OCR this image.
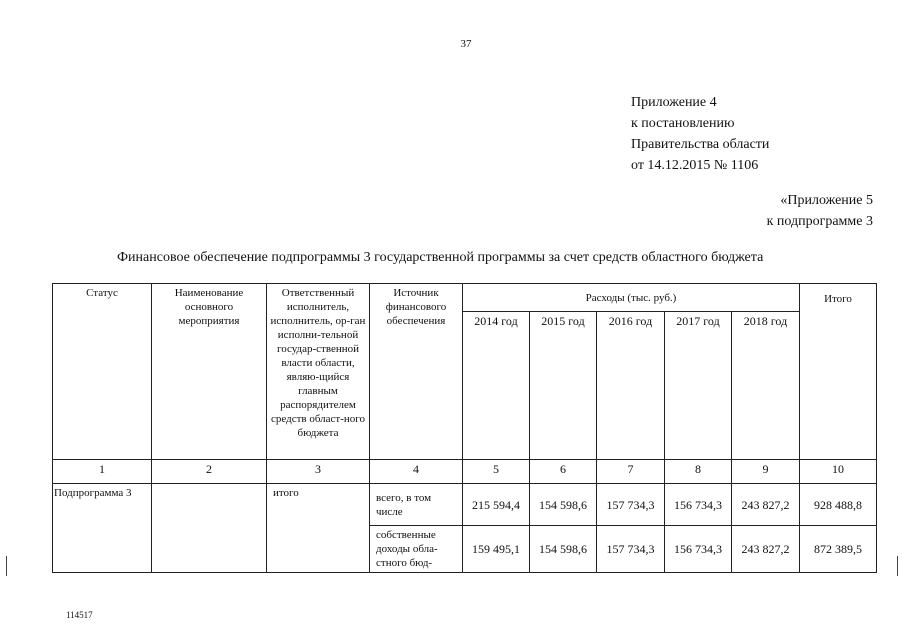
37
Приложение 4
к постановлению
Правительства области
от 14.12.2015 № 1106
«Приложение 5
к подпрограмме 3
Финансовое обеспечение подпрограммы 3 государственной программы за счет средств областного бюджета
Статус	Наименование основного мероприятия	Ответственный исполнитель, исполнитель, ор-ган исполни-тельной государ-ственной власти области, являю-щийся главным распорядителем средств област-ного бюджета	Источник финансового обеспечения	Расходы (тыс. руб.)					Итого
				2014 год	2015 год	2016 год	2017 год	2018 год	
1	2	3	4	5	6	7	8	9	10
Подпрограмма 3		итого	всего, в том числе	215 594,4	154 598,6	157 734,3	156 734,3	243 827,2	928 488,8
			собственные доходы обла-стного бюд-	159 495,1	154 598,6	157 734,3	156 734,3	243 827,2	872 389,5
114517
